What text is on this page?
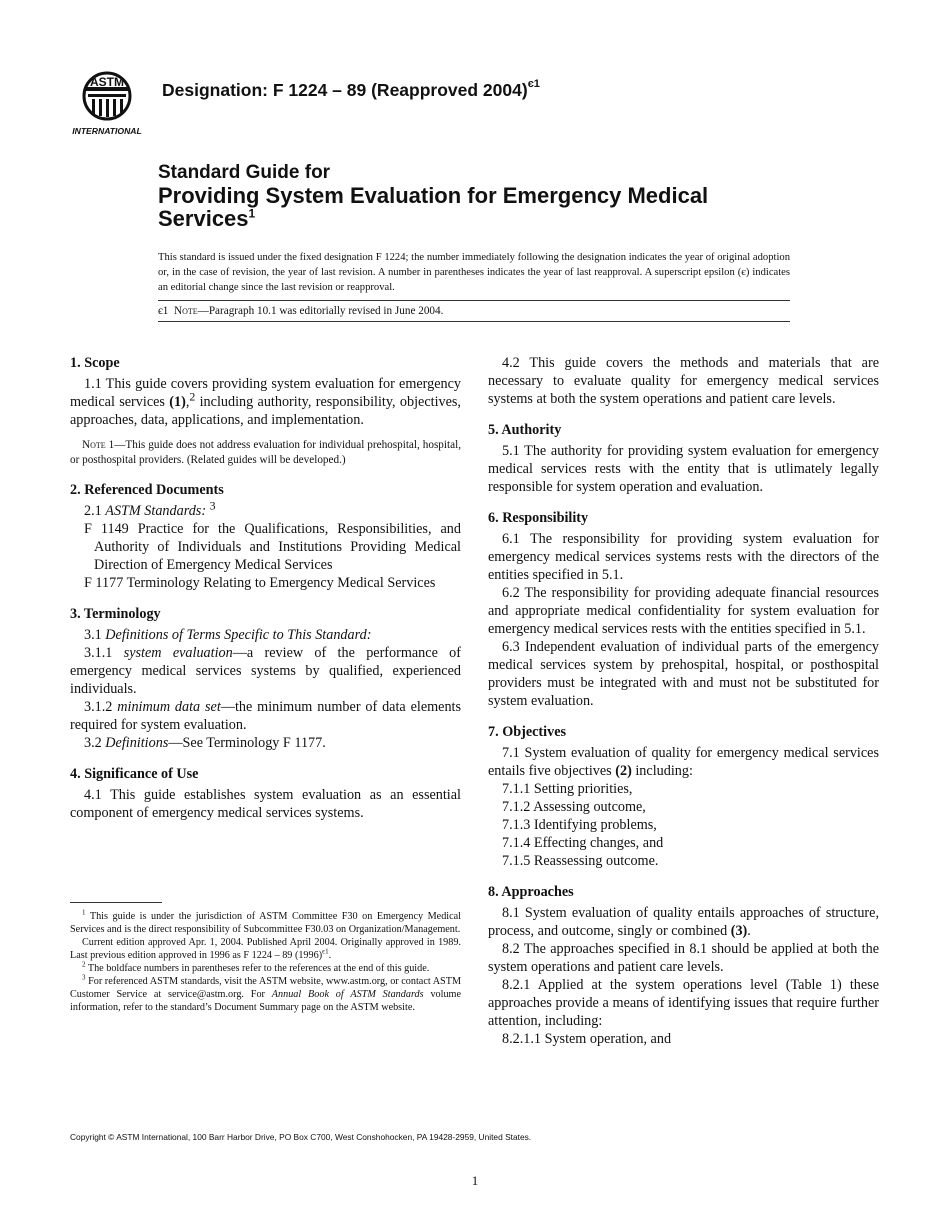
ASTM
INTERNATIONAL
Designation: F 1224 – 89 (Reapproved 2004)$^{є1}$
Standard Guide for
Providing System Evaluation for Emergency Medical
Services$^1$
This standard is issued under the fixed designation F 1224; the number immediately following the designation indicates the year of original adoption or, in the case of revision, the year of last revision. A number in parentheses indicates the year of last reapproval. A superscript epsilon (є) indicates an editorial change since the last revision or reapproval.
є1 Note—Paragraph 10.1 was editorially revised in June 2004.
1. Scope

1.1 This guide covers providing system evaluation for emergency medical services (1),$^2$ including authority, responsibility, objectives, approaches, data, applications, and implementation.

Note 1—This guide does not address evaluation for individual prehospital, hospital, or posthospital providers. (Related guides will be developed.)

2. Referenced Documents

2.1 ASTM Standards: $^3$

F 1149 Practice for the Qualifications, Responsibilities, and Authority of Individuals and Institutions Providing Medical Direction of Emergency Medical Services

F 1177 Terminology Relating to Emergency Medical Services

3. Terminology

3.1 Definitions of Terms Specific to This Standard:

3.1.1 system evaluation—a review of the performance of emergency medical services systems by qualified, experienced individuals.

3.1.2 minimum data set—the minimum number of data elements required for system evaluation.

3.2 Definitions—See Terminology F 1177.

4. Significance of Use

4.1 This guide establishes system evaluation as an essential component of emergency medical services systems.

$^1$ This guide is under the jurisdiction of ASTM Committee F30 on Emergency Medical Services and is the direct responsibility of Subcommittee F30.03 on Organization/Management.

Current edition approved Apr. 1, 2004. Published April 2004. Originally approved in 1989. Last previous edition approved in 1996 as F 1224 – 89 $(1996)^{є1}$.

$^2$ The boldface numbers in parentheses refer to the references at the end of this guide.

$^3$ For referenced ASTM standards, visit the ASTM website, www.astm.org, or contact ASTM Customer Service at service@astm.org. For Annual Book of ASTM Standards volume information, refer to the standard’s Document Summary page on the ASTM website.

4.2 This guide covers the methods and materials that are necessary to evaluate quality for emergency medical services systems at both the system operations and patient care levels.

5. Authority

5.1 The authority for providing system evaluation for emergency medical services rests with the entity that is utlimately legally responsible for system operation and evaluation.

6. Responsibility

6.1 The responsibility for providing system evaluation for emergency medical services systems rests with the directors of the entities specified in 5.1.

6.2 The responsibility for providing adequate financial resources and appropriate medical confidentiality for system evaluation for emergency medical services rests with the entities specified in 5.1.

6.3 Independent evaluation of individual parts of the emergency medical services system by prehospital, hospital, or posthospital providers must be integrated with and must not be substituted for system evaluation.

7. Objectives

7.1 System evaluation of quality for emergency medical services entails five objectives (2) including:

7.1.1 Setting priorities,

7.1.2 Assessing outcome,

7.1.3 Identifying problems,

7.1.4 Effecting changes, and

7.1.5 Reassessing outcome.

8. Approaches

8.1 System evaluation of quality entails approaches of structure, process, and outcome, singly or combined (3).

8.2 The approaches specified in 8.1 should be applied at both the system operations and patient care levels.

8.2.1 Applied at the system operations level (Table 1) these approaches provide a means of identifying issues that require further attention, including:

8.2.1.1 System operation, and

Copyright © ASTM International, 100 Barr Harbor Drive, PO Box C700, West Conshohocken, PA 19428-2959, United States.
1
